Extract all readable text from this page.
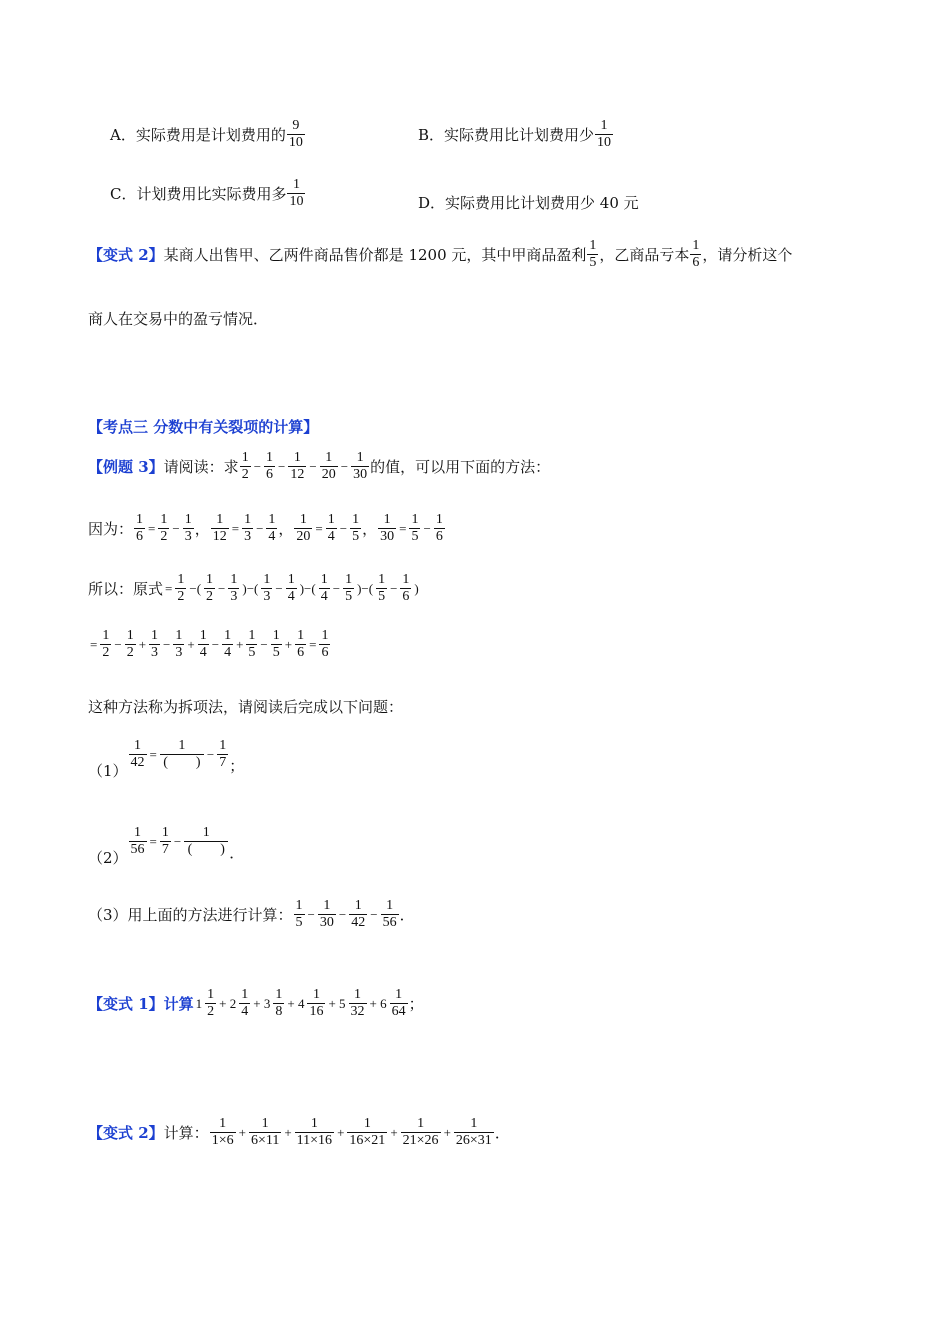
A．实际费用是计划费用的
9
10	B．实际费用比计划费用少
1
10
C．计划费用比实际费用多
1
10	D．实际费用比计划费用少 40 元
【变式 2】 某商人出售甲、乙两件商品售价都是 1200 元，其中甲商品盈利
1
5 ，乙商品亏本
1
6 ，请分析这个
商人在交易中的盈亏情况．
【考点三 分数中有关裂项的计算】
【例题 3】 请阅读：求
1
2
− $\frac{1}{6} - \frac{1}{12} - \frac{1}{20} - \frac{1}{30}$ 的值，可以用下面的方法：
因为： $\frac{1}{6} = \frac{1}{2} - \frac{1}{3}$ ， $\frac{1}{12} = \frac{1}{3} - \frac{1}{4}$ ， $\frac{1}{20} = \frac{1}{4} - \frac{1}{5}$ ， $\frac{1}{30} = \frac{1}{5} - \frac{1}{6}$
所以：原式 = $\frac{1}{2}$ −(
1
2
− $\frac{1}{3}$ )−(
1
3
− $\frac{1}{4}$ )−(
1
4
− $\frac{1}{5}$ )−(
1
5
− $\frac{1}{6}$ )
= $\frac{1}{2} - \frac{1}{2} + \frac{1}{3} - \frac{1}{3} + \frac{1}{4} - \frac{1}{4} + \frac{1}{5} - \frac{1}{5} + \frac{1}{6} = \frac{1}{6}$
这种方法称为拆项法，请阅读后完成以下问题：
$(1) \frac{1}{42}$ =
1
(　　)
− $\frac{1}{7}$ ；
$(2) \frac{1}{56} = \frac{1}{7}$ −
1
(　　) ．
（3）用上面的方法进行计算：
1
5
− $\frac{1}{30} - \frac{1}{42} - \frac{1}{56}$ ．
【变式 1】计算 1
1
2
+ 2
1
4
+ 3
1
8
+ 4
1
16
+ 5
1
32
+ 6
1
64 ；
【变式 2】 计算：
1
1×6
+ $\frac{1}{6\times 11} + \frac{1}{11\times 16} + \frac{1}{16\times 21} + \frac{1}{21\times 26} + \frac{1}{26\times 31}$ ．
